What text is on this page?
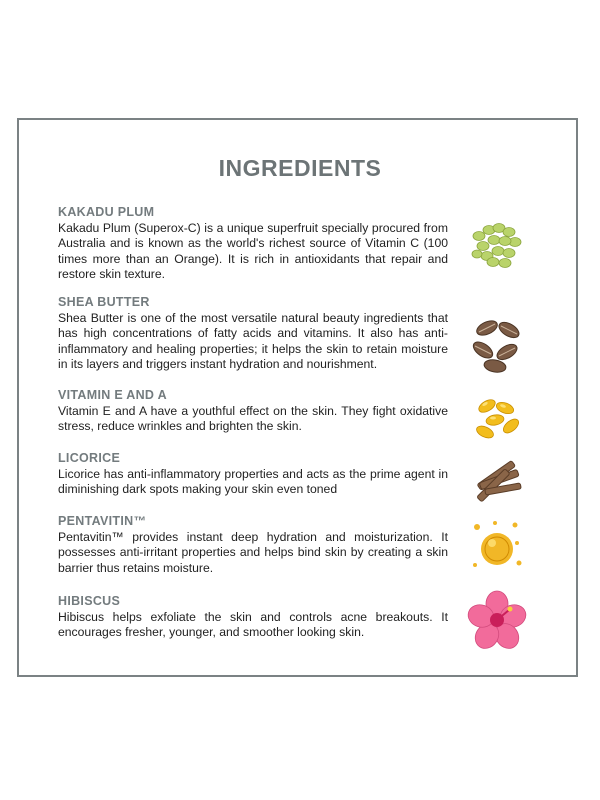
INGREDIENTS
KAKADU PLUM
Kakadu Plum (Superox-C) is a unique superfruit specially procured from Australia and is known as the world's richest source of Vitamin C (100 times more than an Orange). It is rich in antioxidants that repair and restore skin texture.
SHEA BUTTER
Shea Butter is one of the most versatile natural beauty ingredients that has high concentrations of fatty acids and vitamins. It also has anti-inflammatory and healing properties; it helps the skin to retain moisture in its layers and triggers instant hydration and nourishment.
VITAMIN E AND A
Vitamin E and A have a youthful effect on the skin. They fight oxidative stress, reduce wrinkles and brighten the skin.
LICORICE
Licorice has anti-inflammatory properties and acts as the prime agent in diminishing dark spots making your skin even toned
PENTAVITIN™
Pentavitin™ provides instant deep hydration and moisturization. It possesses anti-irritant properties and helps bind skin by creating a skin barrier thus retains moisture.
HIBISCUS
Hibiscus helps exfoliate the skin and controls acne breakouts. It encourages fresher, younger, and smoother looking skin.
